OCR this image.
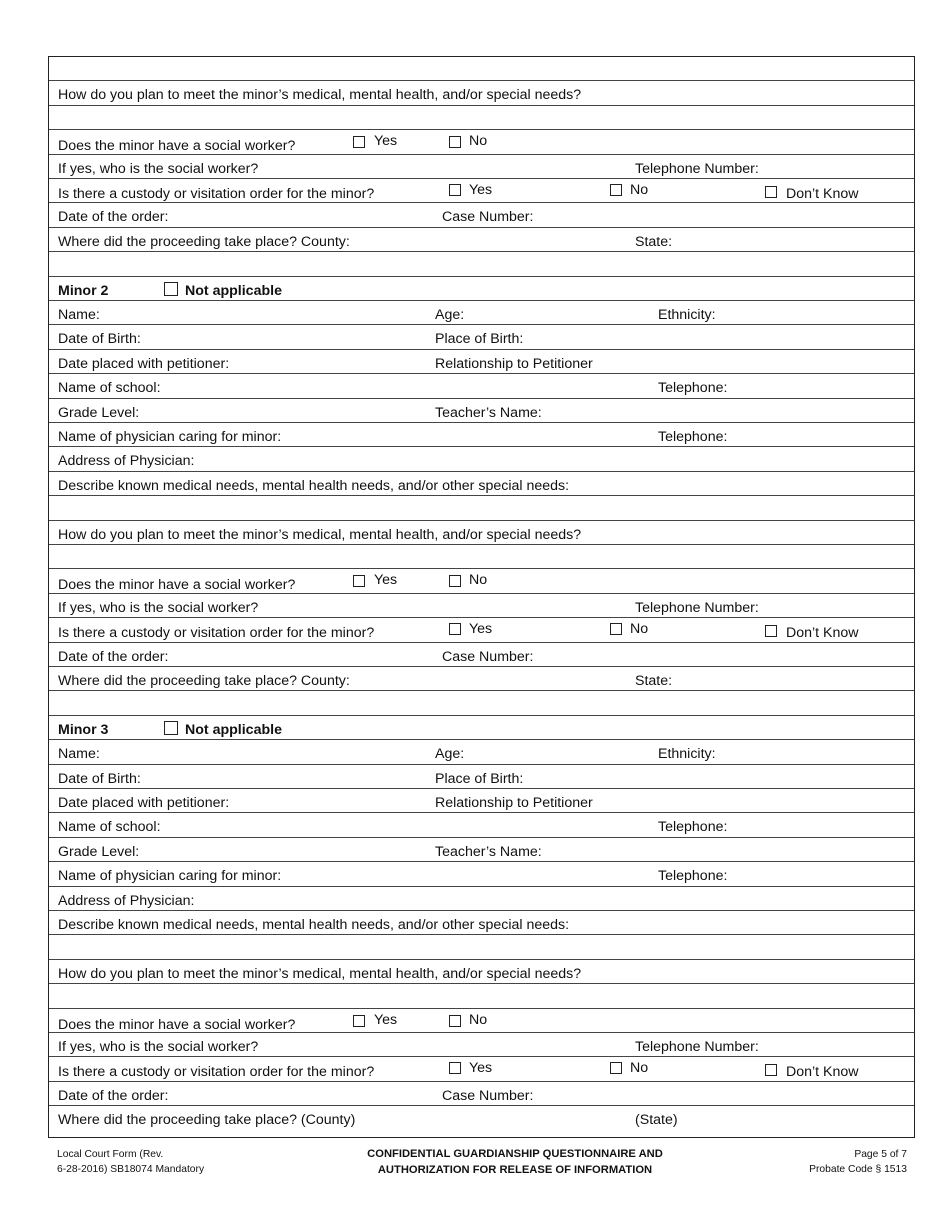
How do you plan to meet the minor’s medical, mental health, and/or special needs?
Does the minor have a social worker?	Yes	No
If yes, who is the social worker?	Telephone Number:
Is there a custody or visitation order for the minor?	Yes	No	Don’t Know
Date of the order:	Case Number:
Where did the proceeding take place? County:	State:
Minor 2	Not applicable
Name:	Age:	Ethnicity:
Date of Birth:	Place of Birth:
Date placed with petitioner:	Relationship to Petitioner
Name of school:	Telephone:
Grade Level:	Teacher’s Name:
Name of physician caring for minor:	Telephone:
Address of Physician:
Describe known medical needs, mental health needs, and/or other special needs:
How do you plan to meet the minor’s medical, mental health, and/or special needs?
Does the minor have a social worker?	Yes	No
If yes, who is the social worker?	Telephone Number:
Is there a custody or visitation order for the minor?	Yes	No	Don’t Know
Date of the order:	Case Number:
Where did the proceeding take place? County:	State:
Minor 3	Not applicable
Name:	Age:	Ethnicity:
Date of Birth:	Place of Birth:
Date placed with petitioner:	Relationship to Petitioner
Name of school:	Telephone:
Grade Level:	Teacher’s Name:
Name of physician caring for minor:	Telephone:
Address of Physician:
Describe known medical needs, mental health needs, and/or other special needs:
How do you plan to meet the minor’s medical, mental health, and/or special needs?
Does the minor have a social worker?	Yes	No
If yes, who is the social worker?	Telephone Number:
Is there a custody or visitation order for the minor?	Yes	No	Don’t Know
Date of the order:	Case Number:
Where did the proceeding take place? (County)	(State)
Local Court Form (Rev.
6-28-2016) SB18074 Mandatory
CONFIDENTIAL GUARDIANSHIP QUESTIONNAIRE AND
AUTHORIZATION FOR RELEASE OF INFORMATION
Page 5 of 7
Probate Code § 1513
